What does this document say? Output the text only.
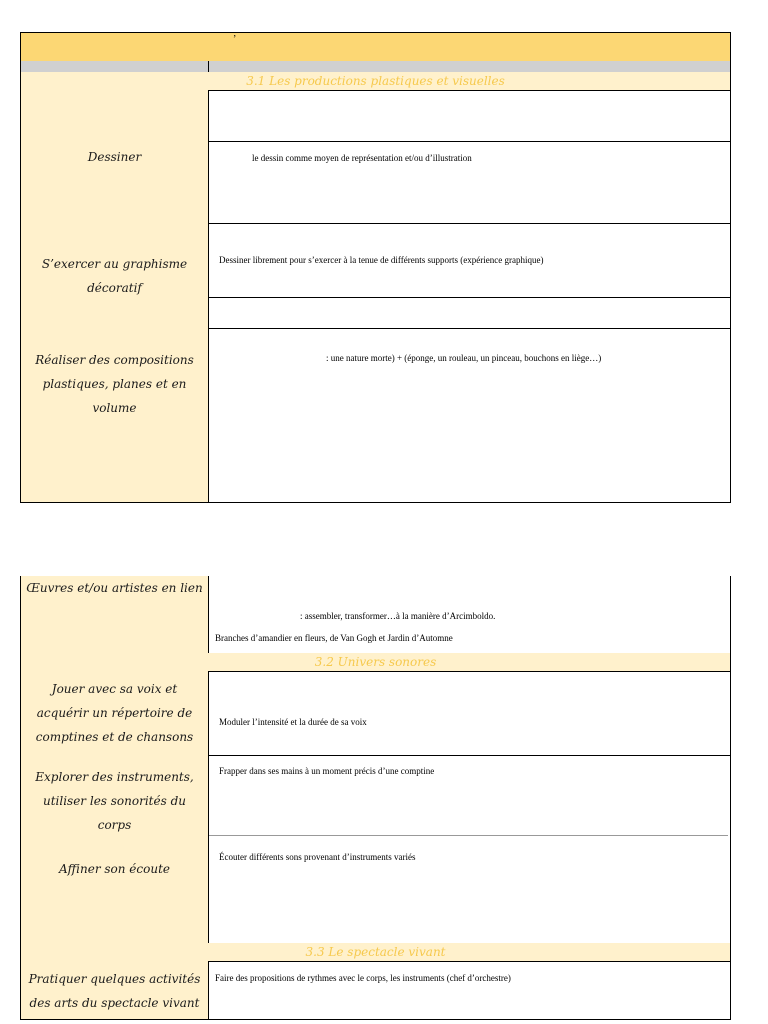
’
3.1 Les productions plastiques et visuelles
Dessiner	le dessin comme moyen de représentation et/ou d’illustration
S’exercer au graphisme décoratif
Dessiner librement pour s’exercer à la tenue de différents supports (expérience graphique)
Réaliser des compositions plastiques, planes et en volume
: une nature morte) + (éponge, un rouleau, un pinceau, bouchons en liège…)
Œuvres et/ou artistes en lien
: assembler, transformer…à la manière d’Arcimboldo.
Branches d’amandier en fleurs, de Van Gogh et Jardin d’Automne
3.2 Univers sonores
Jouer avec sa voix et acquérir un répertoire de comptines et de chansons
Moduler l’intensité et la durée de sa voix
Explorer des instruments, utiliser les sonorités du corps
Frapper dans ses mains à un moment précis d’une comptine
Affiner son écoute
Écouter différents sons provenant d’instruments variés
3.3 Le spectacle vivant
Pratiquer quelques activités des arts du spectacle vivant
Faire des propositions de rythmes avec le corps, les instruments (chef d’orchestre)
